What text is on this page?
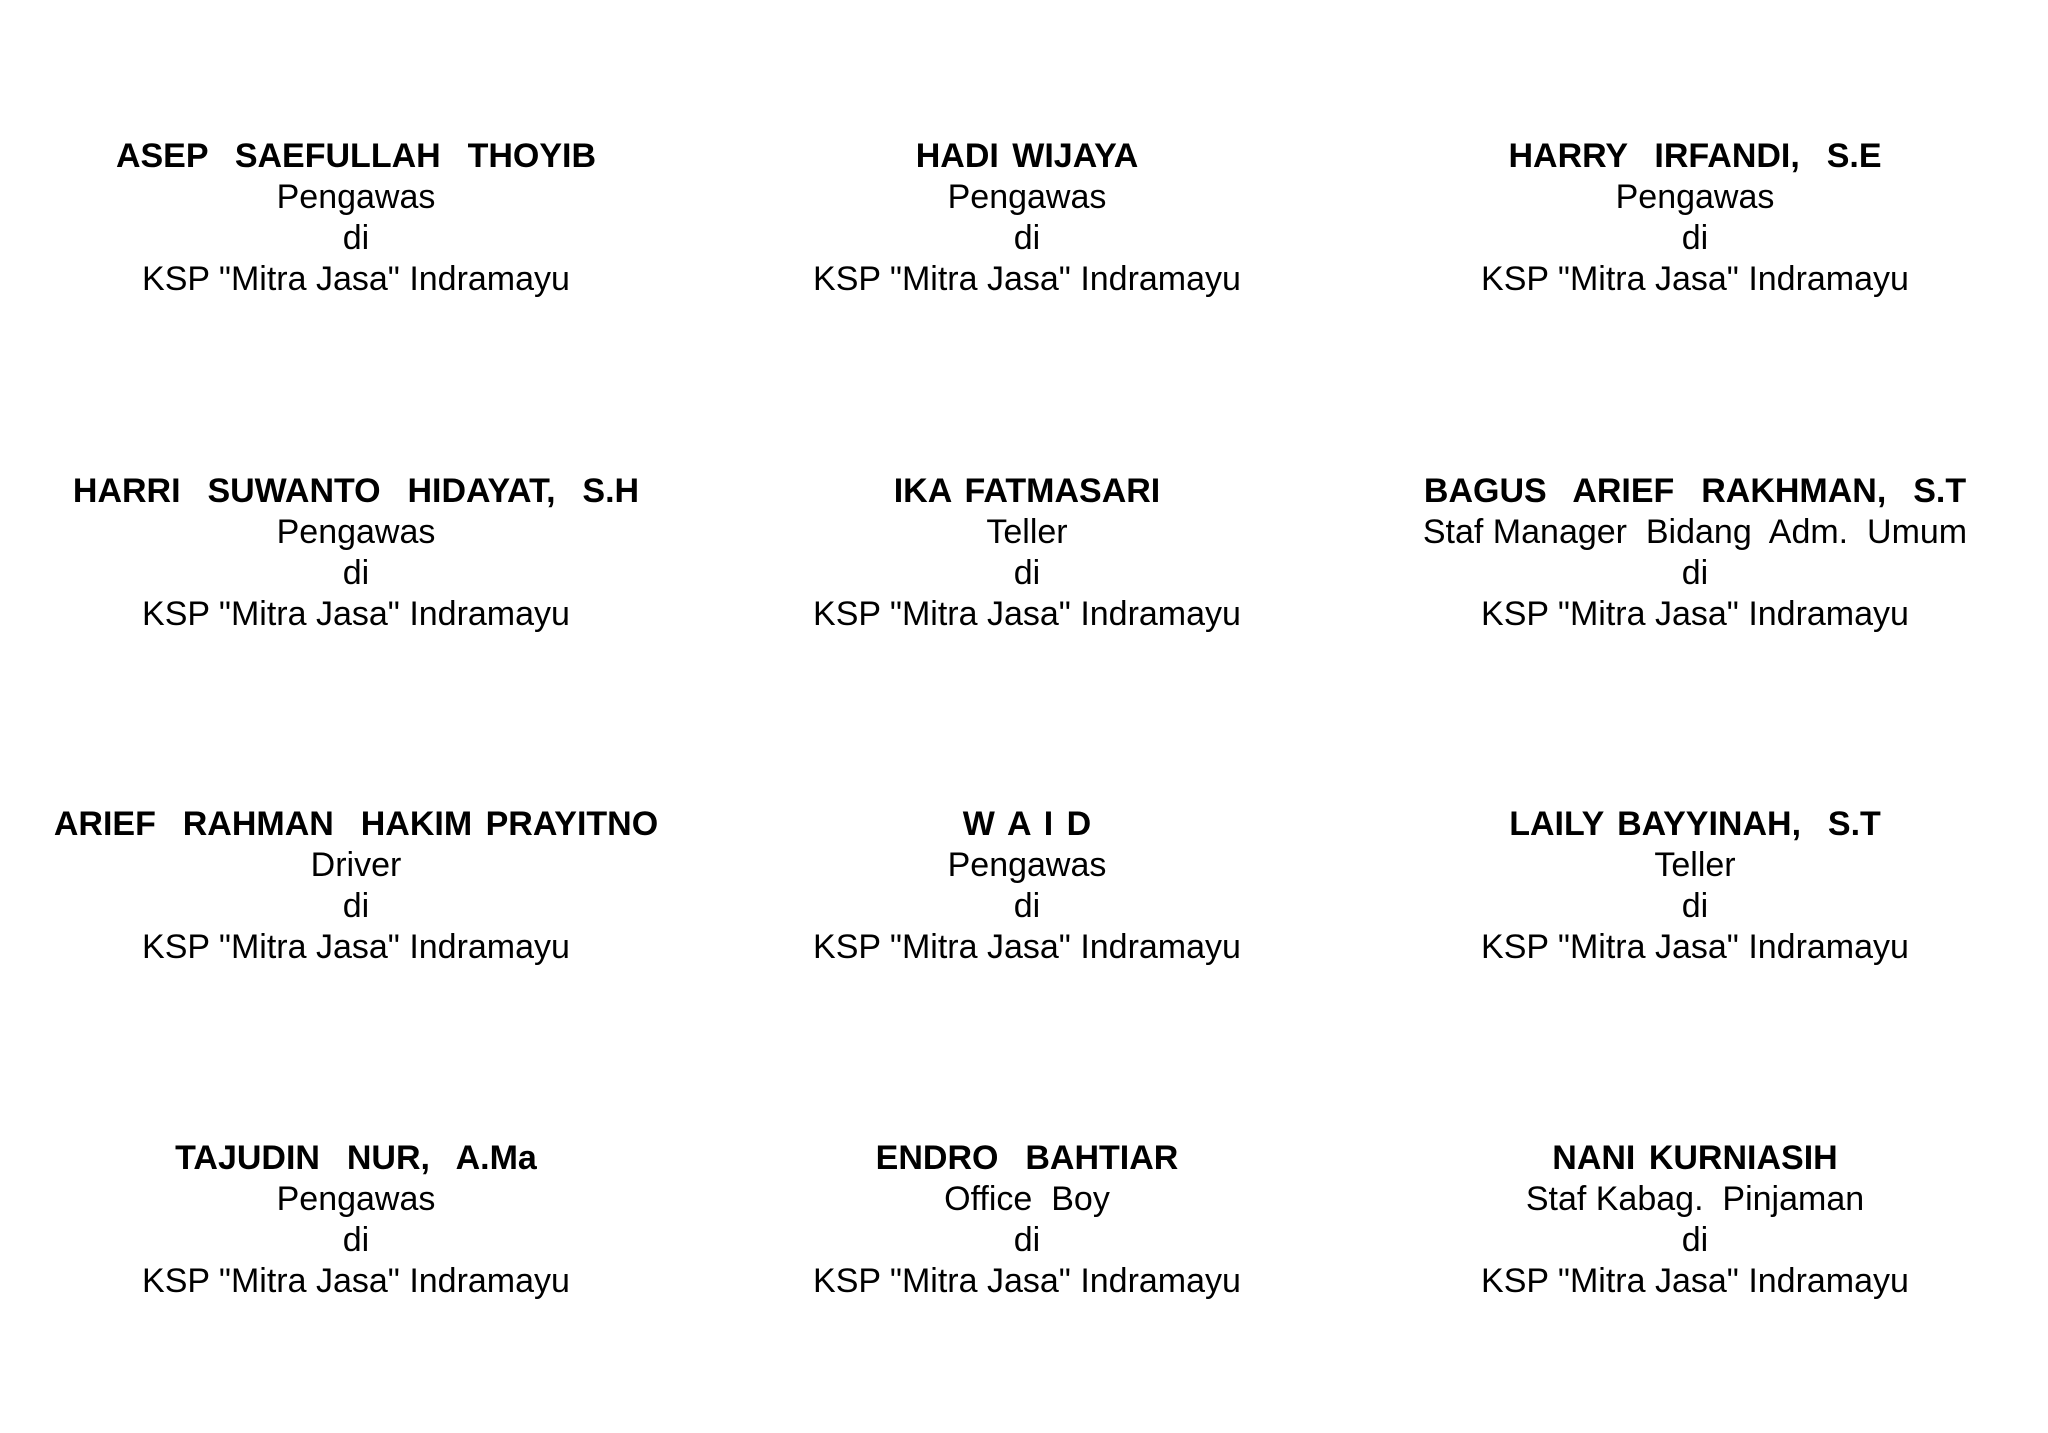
ASEP  SAEFULLAH  THOYIB
Pengawas
di
KSP "Mitra Jasa" Indramayu
HADI WIJAYA
Pengawas
di
KSP "Mitra Jasa" Indramayu
HARRY  IRFANDI,  S.E
Pengawas
di
KSP "Mitra Jasa" Indramayu
HARRI  SUWANTO  HIDAYAT,  S.H
Pengawas
di
KSP "Mitra Jasa" Indramayu
IKA FATMASARI
Teller
di
KSP "Mitra Jasa" Indramayu
BAGUS  ARIEF  RAKHMAN,  S.T
Staf Manager  Bidang  Adm.  Umum
di
KSP "Mitra Jasa" Indramayu
ARIEF  RAHMAN  HAKIM PRAYITNO
Driver
di
KSP "Mitra Jasa" Indramayu
W A I D
Pengawas
di
KSP "Mitra Jasa" Indramayu
LAILY BAYYINAH,  S.T
Teller
di
KSP "Mitra Jasa" Indramayu
TAJUDIN  NUR,  A.Ma
Pengawas
di
KSP "Mitra Jasa" Indramayu
ENDRO  BAHTIAR
Office  Boy
di
KSP "Mitra Jasa" Indramayu
NANI KURNIASIH
Staf Kabag.  Pinjaman
di
KSP "Mitra Jasa" Indramayu
